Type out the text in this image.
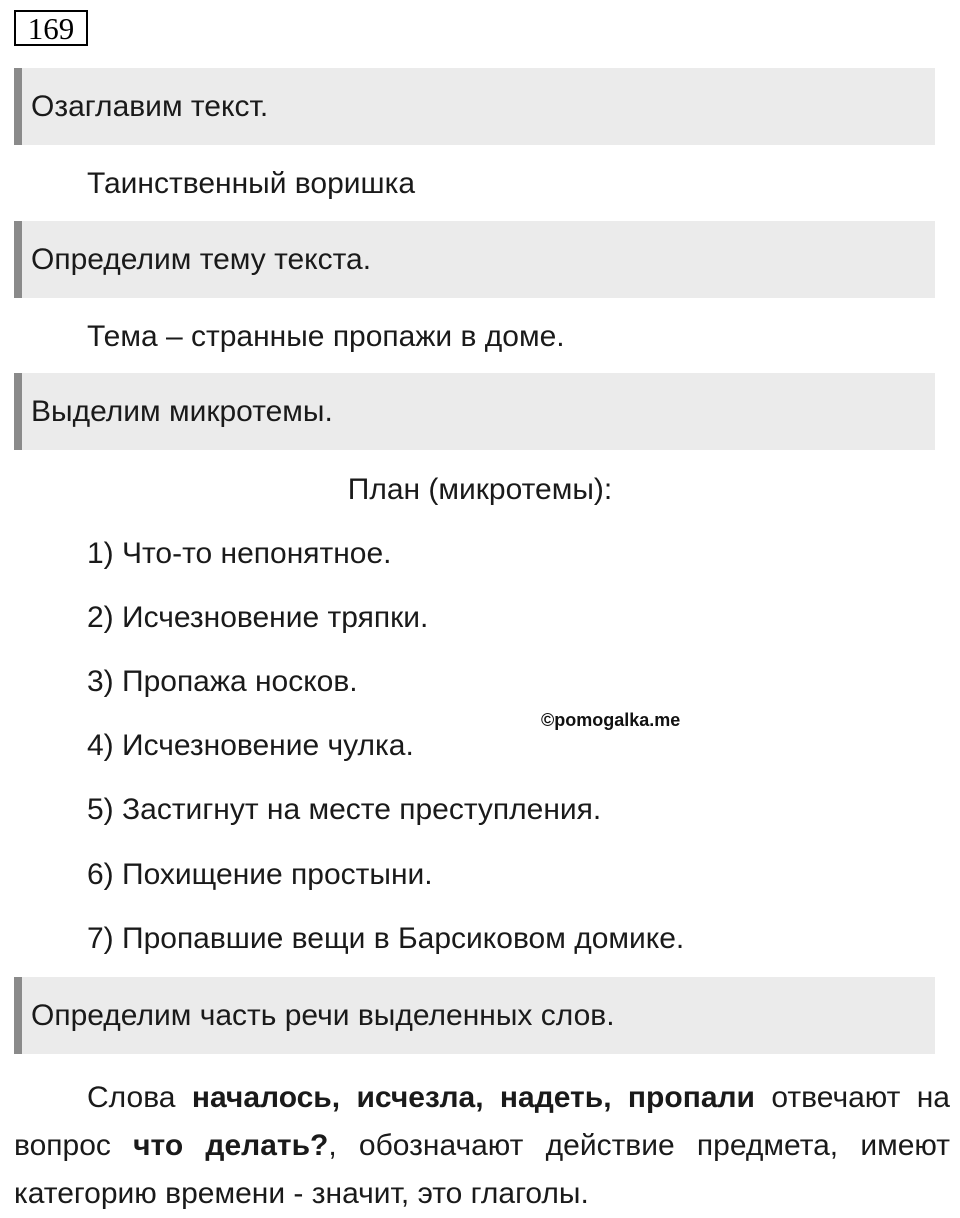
169
Озаглавим текст.
Таинственный воришка
Определим тему текста.
Тема – странные пропажи в доме.
Выделим микротемы.
План (микротемы):
1) Что-то непонятное.
2) Исчезновение тряпки.
3) Пропажа носков.
4) Исчезновение чулка.
5) Застигнут на месте преступления.
6) Похищение простыни.
7) Пропавшие вещи в Барсиковом домике.
©pomogalka.me
Определим часть речи выделенных слов.
Слова началось, исчезла, надеть, пропали отвечают на вопрос что делать?, обозначают действие предмета, имеют категорию времени - значит, это глаголы.
